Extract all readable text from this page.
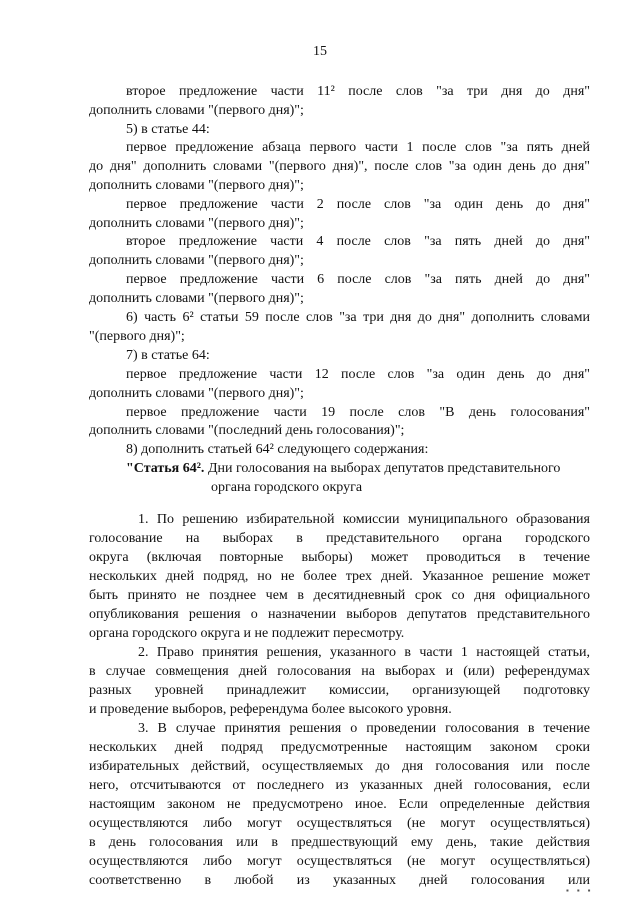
15
второе предложение части 11² после слов "за три дня до дня"
дополнить словами "(первого дня)";
5) в статье 44:
первое предложение абзаца первого части 1 после слов "за пять дней
до дня" дополнить словами "(первого дня)", после слов "за один день до дня"
дополнить словами "(первого дня)";
первое предложение части 2 после слов "за один день до дня"
дополнить словами "(первого дня)";
второе предложение части 4 после слов "за пять дней до дня"
дополнить словами "(первого дня)";
первое предложение части 6 после слов "за пять дней до дня"
дополнить словами "(первого дня)";
6) часть 6² статьи 59 после слов "за три дня до дня" дополнить словами
"(первого дня)";
7) в статье 64:
первое предложение части 12 после слов "за один день до дня"
дополнить словами "(первого дня)";
первое предложение части 19 после слов "В день голосования"
дополнить словами "(последний день голосования)";
8) дополнить статьей 64² следующего содержания:
"Статья 64². Дни голосования на выборах депутатов представительного
органа городского округа
1. По решению избирательной комиссии муниципального образования
голосование на выборах в представительного органа городского
округа (включая повторные выборы) может проводиться в течение
нескольких дней подряд, но не более трех дней. Указанное решение может
быть принято не позднее чем в десятидневный срок со дня официального
опубликования решения о назначении выборов депутатов представительного
органа городского округа и не подлежит пересмотру.
2. Право принятия решения, указанного в части 1 настоящей статьи,
в случае совмещения дней голосования на выборах и (или) референдумах
разных уровней принадлежит комиссии, организующей подготовку
и проведение выборов, референдума более высокого уровня.
3. В случае принятия решения о проведении голосования в течение
нескольких дней подряд предусмотренные настоящим законом сроки
избирательных действий, осуществляемых до дня голосования или после
него, отсчитываются от последнего из указанных дней голосования, если
настоящим законом не предусмотрено иное. Если определенные действия
осуществляются либо могут осуществляться (не могут осуществляться)
в день голосования или в предшествующий ему день, такие действия
осуществляются либо могут осуществляться (не могут осуществляться)
соответственно в любой из указанных дней голосования или
▪ ▪ ▪
